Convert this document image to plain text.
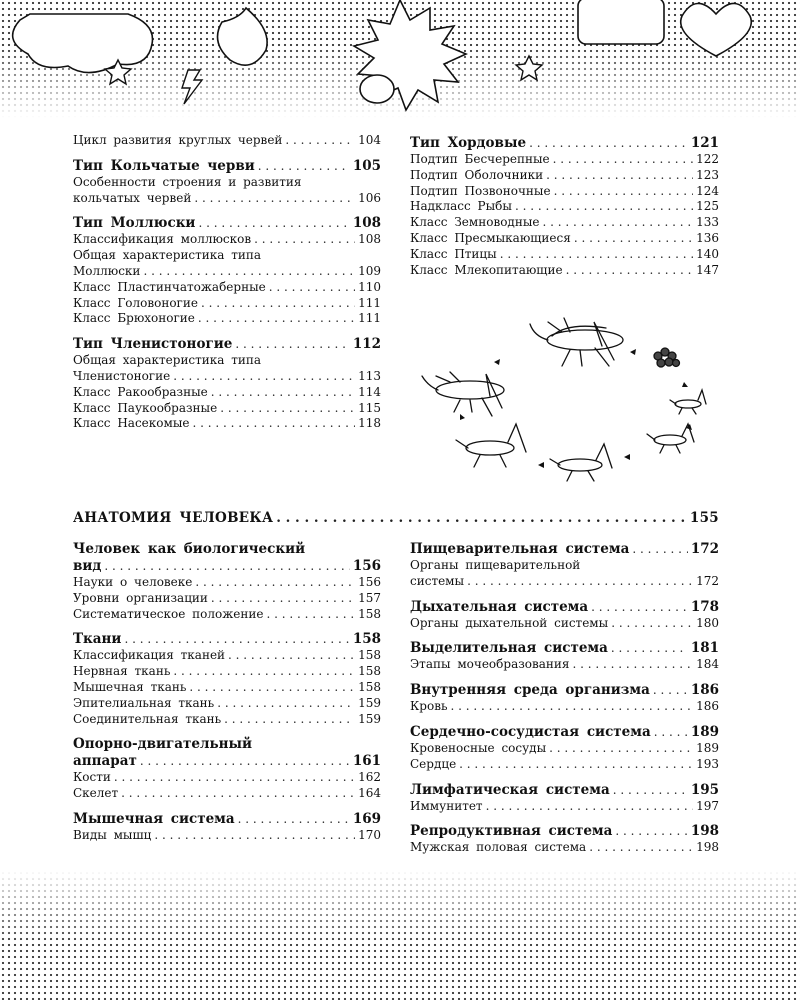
Цикл развития круглых червей . . .	104
Тип Кольчатые черви . . .	105
Особенности строения и развития
кольчатых червей . . .	106
Тип Моллюски . . .	108
Классификация моллюсков . . .	108
Общая характеристика типа
Моллюски . . .	109
Класс Пластинчатожаберные . . .	110
Класс Головоногие . . .	111
Класс Брюхоногие . . .	111
Тип Членистоногие . . .	112
Общая характеристика типа
Членистоногие . . .	113
Класс Ракообразные . . .	114
Класс Паукообразные . . .	115
Класс Насекомые . . .	118
Тип Хордовые . . .	121
Подтип Бесчерепные . . .	122
Подтип Оболочники . . .	123
Подтип Позвоночные . . .	124
Надкласс Рыбы . . .	125
Класс Земноводные . . .	133
Класс Пресмыкающиеся . . .	136
Класс Птицы . . .	140
Класс Млекопитающие . . .	147
АНАТОМИЯ ЧЕЛОВЕКА . . .	155
Человек как биологический
вид . . .	156
Науки о человеке . . .	156
Уровни организации . . .	157
Систематическое положение . . .	158
Ткани . . .	158
Классификация тканей . . .	158
Нервная ткань . . .	158
Мышечная ткань . . .	158
Эпителиальная ткань . . .	159
Соединительная ткань . . .	159
Опорно-двигательный
аппарат . . .	161
Кости . . .	162
Скелет . . .	164
Мышечная система . . .	169
Виды мышц . . .	170
Пищеварительная система . . .	172
Органы пищеварительной
системы . . .	172
Дыхательная система . . .	178
Органы дыхательной системы . . .	180
Выделительная система . . .	181
Этапы мочеобразования . . .	184
Внутренняя среда организма . . .	186
Кровь . . .	186
Сердечно-сосудистая система . . .	189
Кровеносные сосуды . . .	189
Сердце . . .	193
Лимфатическая система . . .	195
Иммунитет . . .	197
Репродуктивная система . . .	198
Мужская половая система . . .	198
